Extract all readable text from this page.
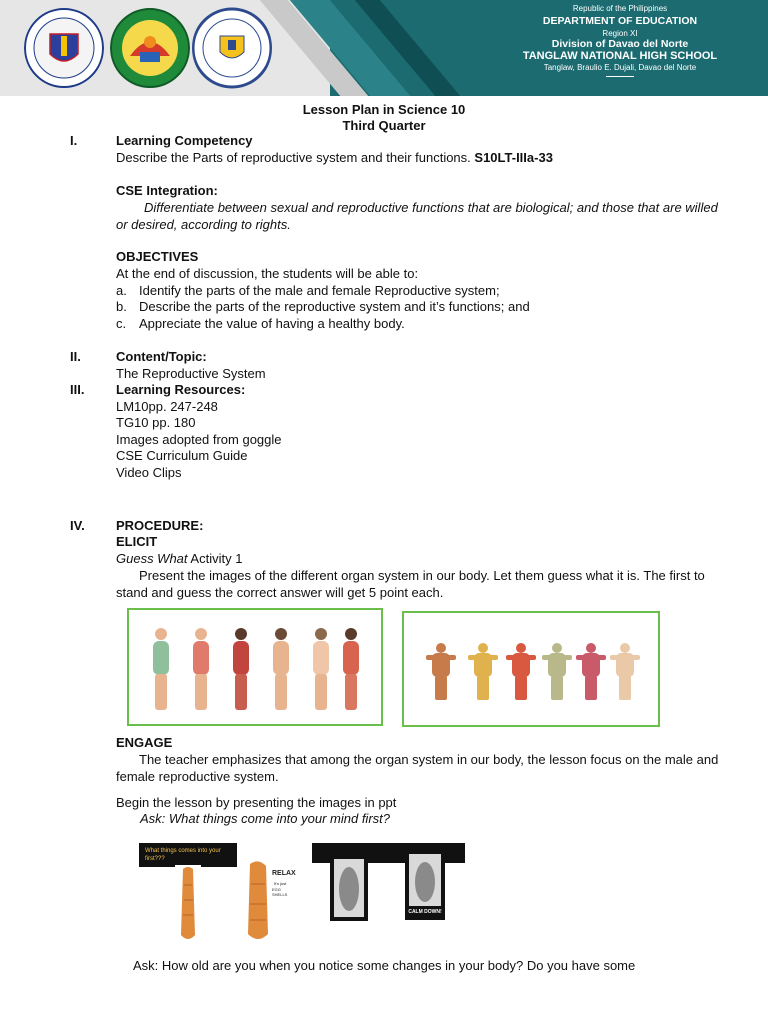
Republic of the Philippines
DEPARTMENT OF EDUCATION
Region XI
Division of Davao del Norte
TANGLAW NATIONAL HIGH SCHOOL
Tanglaw, Braulio E. Dujali, Davao del Norte
Lesson Plan in Science 10
Third Quarter
I.	Learning Competency
Describe the Parts of reproductive system and their functions. S10LT-IIIa-33
CSE Integration:
Differentiate between sexual and reproductive functions that are biological; and those that are willed or desired, according to rights.
OBJECTIVES
At the end of discussion, the students will be able to:
a. Identify the parts of the male and female Reproductive system;
b. Describe the parts of the reproductive system and it’s functions; and
c. Appreciate the value of having a healthy body.
II.	Content/Topic:
The Reproductive System
III. Learning Resources:
LM10pp. 247-248
TG10 pp. 180
Images adopted from goggle
CSE Curriculum Guide
Video Clips
IV. PROCEDURE:
ELICIT
Guess What Activity 1
Present the images of the different organ system in our body. Let them guess what it is. The first to stand and guess the correct answer will get 5 point each.
ENGAGE
The teacher emphasizes that among the organ system in our body, the lesson focus on the male and female reproductive system.
Begin the lesson by presenting the images in ppt
Ask: What things come into your mind first?
What things comes into your first???
RELAX
It's just
EGG SHELLS
CALM DOWN!
Ask: How old are you when you notice some changes in your body? Do you have some
